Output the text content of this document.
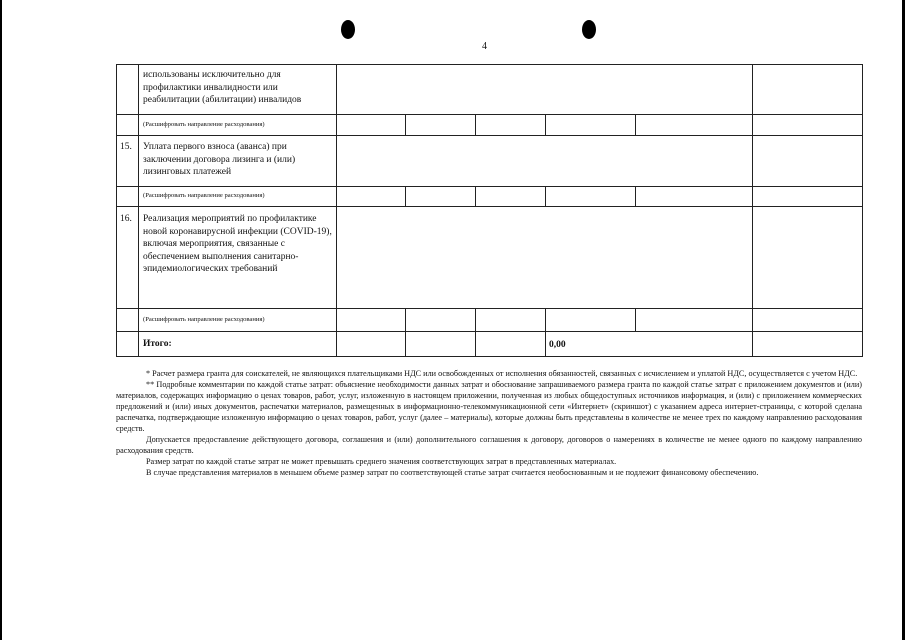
4
использованы исключительно для профилактики инвалидности или реабилитации (абилитации) инвалидов
(Расшифровать направление расходования)
15. Уплата первого взноса (аванса) при заключении договора лизинга и (или) лизинговых платежей
(Расшифровать направление расходования)
16. Реализация мероприятий по профилактике новой коронавирусной инфекции (COVID-19), включая мероприятия, связанные с обеспечением выполнения санитарно-эпидемиологических требований
(Расшифровать направление расходования)
Итого:	0,00

* Расчет размера гранта для соискателей, не являющихся плательщиками НДС или освобожденных от исполнения обязанностей, связанных с исчислением и уплатой НДС, осуществляется с учетом НДС.

** Подробные комментарии по каждой статье затрат: объяснение необходимости данных затрат и обоснование запрашиваемого размера гранта по каждой статье затрат с приложением документов и (или) материалов, содержащих информацию о ценах товаров, работ, услуг, изложенную в настоящем приложении, полученная из любых общедоступных источников информация, и (или) с приложением коммерческих предложений и (или) иных документов, распечатки материалов, размещенных в информационно-телекоммуникационной сети «Интернет» (скриншот) с указанием адреса интернет-страницы, с которой сделана распечатка, подтверждающие изложенную информацию о ценах товаров, работ, услуг (далее – материалы), которые должны быть представлены в количестве не менее трех по каждому направлению расходования средств.

Допускается предоставление действующего договора, соглашения и (или) дополнительного соглашения к договору, договоров о намерениях в количестве не менее одного по каждому направлению расходования средств.

Размер затрат по каждой статье затрат не может превышать среднего значения соответствующих затрат в представленных материалах.

В случае представления материалов в меньшем объеме размер затрат по соответствующей статье затрат считается необоснованным и не подлежит финансовому обеспечению.
